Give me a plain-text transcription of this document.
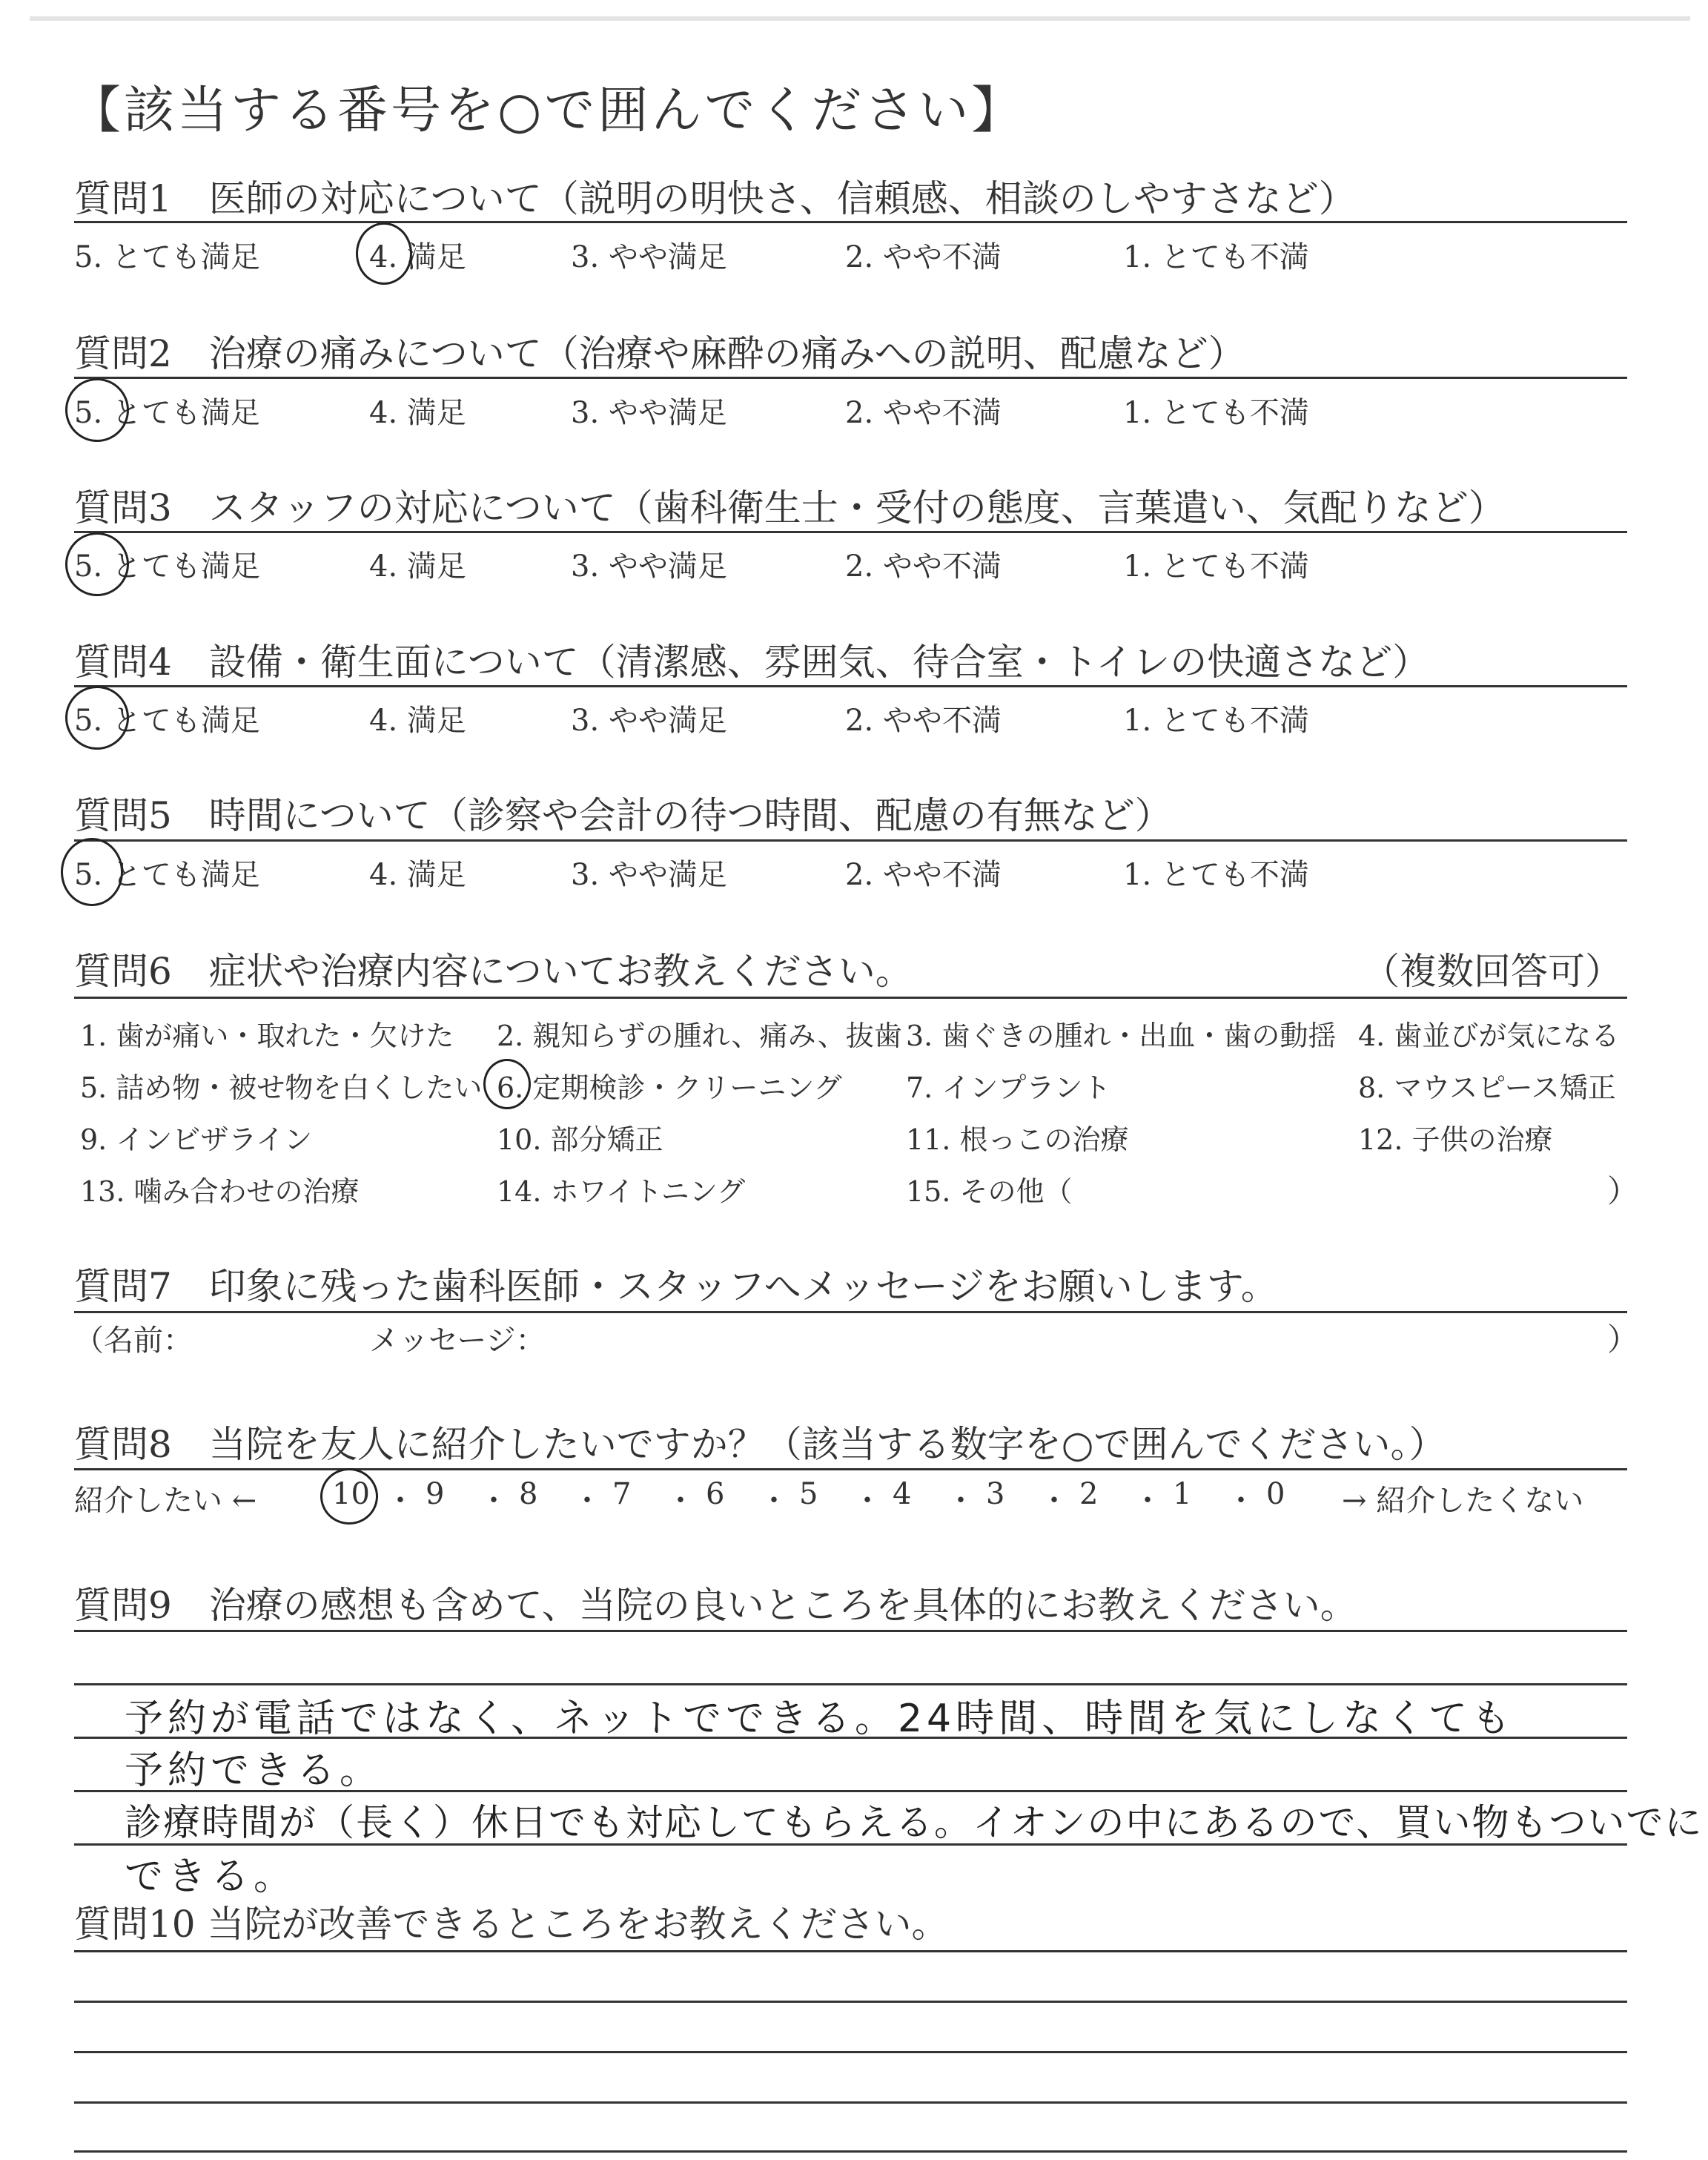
【該当する番号を○で囲んでください】
質問1　医師の対応について（説明の明快さ、信頼感、相談のしやすさなど）
5. とても満足	4. 満足	3. やや満足	2. やや不満	1. とても不満
質問2　治療の痛みについて（治療や麻酔の痛みへの説明、配慮など）
5. とても満足	4. 満足	3. やや満足	2. やや不満	1. とても不満
質問3　スタッフの対応について（歯科衛生士・受付の態度、言葉遣い、気配りなど）
5. とても満足	4. 満足	3. やや満足	2. やや不満	1. とても不満
質問4　設備・衛生面について（清潔感、雰囲気、待合室・トイレの快適さなど）
5. とても満足	4. 満足	3. やや満足	2. やや不満	1. とても不満
質問5　時間について（診察や会計の待つ時間、配慮の有無など）
5. とても満足	4. 満足	3. やや満足	2. やや不満	1. とても不満
質問6　症状や治療内容についてお教えください。	（複数回答可）
1. 歯が痛い・取れた・欠けた 2. 親知らずの腫れ、痛み、抜歯 3. 歯ぐきの腫れ・出血・歯の動揺 4. 歯並びが気になる
5. 詰め物・被せ物を白くしたい 6. 定期検診・クリーニング 7. インプラント	8. マウスピース矯正
9. インビザライン	10. 部分矯正	11. 根っこの治療	12. 子供の治療
13. 噛み合わせの治療	14. ホワイトニング	15. その他（	）
質問7　印象に残った歯科医師・スタッフへメッセージをお願いします。
（名前：	メッセージ：	）
質問8　当院を友人に紹介したいですか？（該当する数字を○で囲んでください。）
紹介したい ←	10 ・ 9 ・ 8 ・ 7 ・ 6 ・ 5 ・ 4 ・ 3 ・ 2 ・ 1 ・ 0 → 紹介したくない
質問9　治療の感想も含めて、当院の良いところを具体的にお教えください。
予約が電話ではなく、ネットでできる。24時間、時間を気にしなくても
予約できる。
診療時間が（長く）休日でも対応してもらえる。イオンの中にあるので、買い物もついでに
できる。
質問10 当院が改善できるところをお教えください。
